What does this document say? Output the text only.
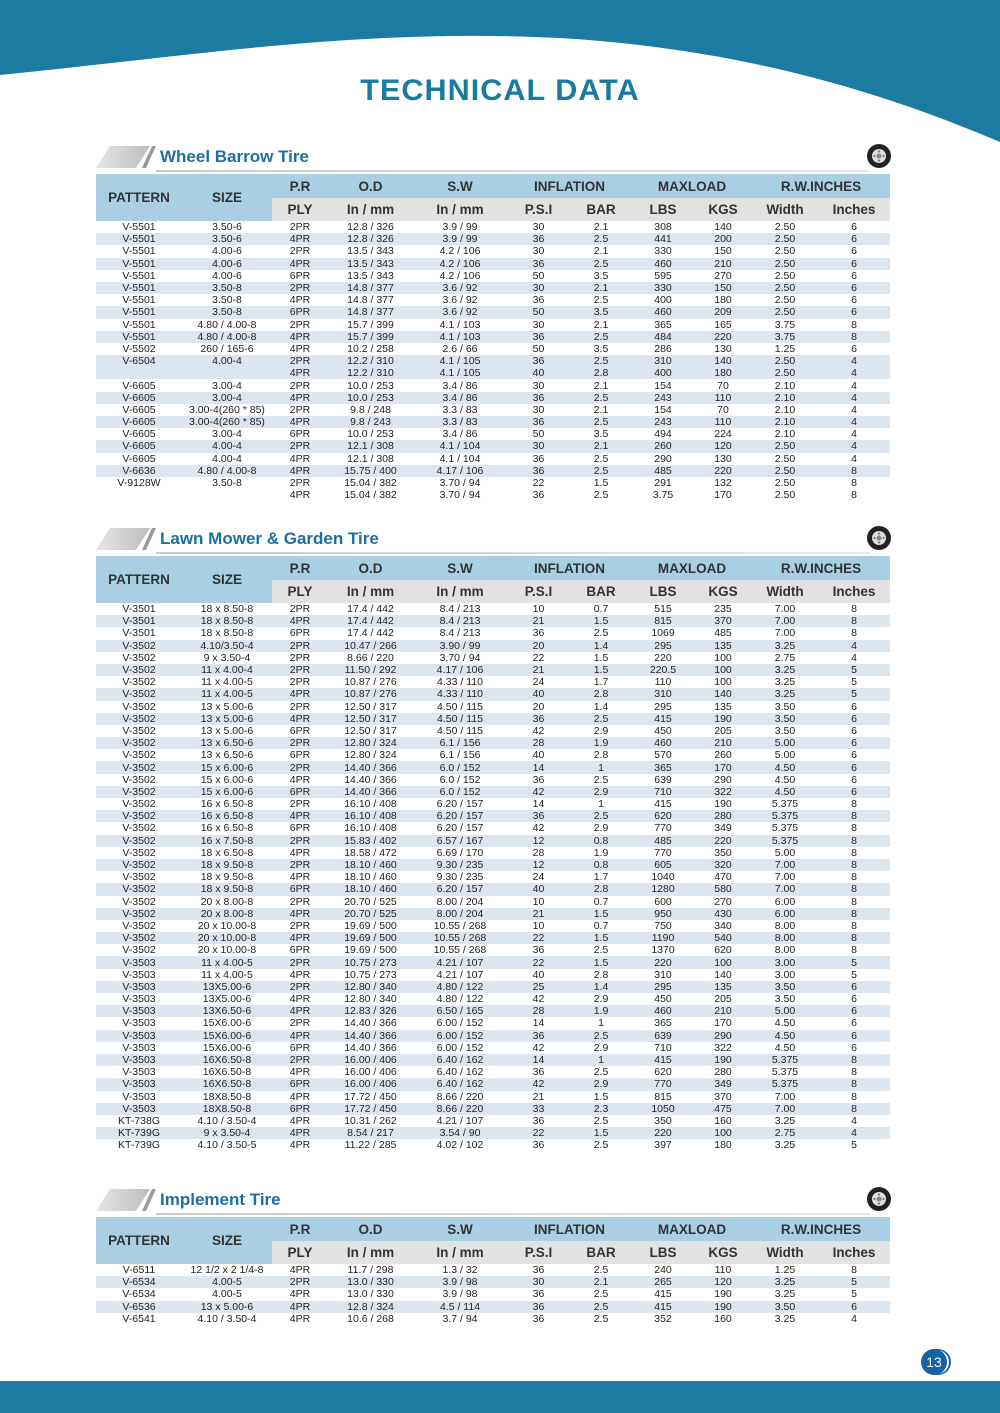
TECHNICAL DATA
Wheel Barrow Tire
PATTERN	SIZE	P.R	O.D	S.W	INFLATION		MAXLOAD		R.W.INCHES	
		PLY	In / mm	In / mm	P.S.I	BAR	LBS	KGS	Width	Inches
V-5501	3.50-6	2PR	12.8 / 326	3.9 / 99	30	2.1	308	140	2.50	6
V-5501	3.50-6	4PR	12.8 / 326	3.9 / 99	36	2.5	441	200	2.50	6
V-5501	4.00-6	2PR	13.5 / 343	4.2 / 106	30	2.1	330	150	2.50	6
V-5501	4.00-6	4PR	13.5 / 343	4.2 / 106	36	2.5	460	210	2.50	6
V-5501	4.00-6	6PR	13.5 / 343	4.2 / 106	50	3.5	595	270	2.50	6
V-5501	3.50-8	2PR	14.8 / 377	3.6 / 92	30	2.1	330	150	2.50	6
V-5501	3.50-8	4PR	14.8 / 377	3.6 / 92	36	2.5	400	180	2.50	6
V-5501	3.50-8	6PR	14.8 / 377	3.6 / 92	50	3.5	460	209	2.50	6
V-5501	4.80 / 4.00-8	2PR	15.7 / 399	4.1 / 103	30	2.1	365	165	3.75	8
V-5501	4.80 / 4.00-8	4PR	15.7 / 399	4.1 / 103	36	2.5	484	220	3.75	8
V-5502	260 / 165-6	4PR	10.2 / 258	2.6 / 66	50	3.5	286	130	1.25	6
V-6504	4.00-4	2PR	12.2 / 310	4.1 / 105	36	2.5	310	140	2.50	4
		4PR	12.2 / 310	4.1 / 105	40	2.8	400	180	2.50	4
V-6605	3.00-4	2PR	10.0 / 253	3.4 / 86	30	2.1	154	70	2.10	4
V-6605	3.00-4	4PR	10.0 / 253	3.4 / 86	36	2.5	243	110	2.10	4
V-6605	3.00-4(260 * 85)	2PR	9.8 / 248	3.3 / 83	30	2.1	154	70	2.10	4
V-6605	3.00-4(260 * 85)	4PR	9.8 / 243	3.3 / 83	36	2.5	243	110	2.10	4
V-6605	3.00-4	6PR	10.0 / 253	3.4 / 86	50	3.5	494	224	2.10	4
V-6605	4.00-4	2PR	12.1 / 308	4.1 / 104	30	2.1	260	120	2.50	4
V-6605	4.00-4	4PR	12.1 / 308	4.1 / 104	36	2.5	290	130	2.50	4
V-6636	4.80 / 4.00-8	4PR	15.75 / 400	4.17 / 106	36	2.5	485	220	2.50	8
V-9128W	3.50-8	2PR	15.04 / 382	3.70 / 94	22	1.5	291	132	2.50	8
		4PR	15.04 / 382	3.70 / 94	36	2.5	3.75	170	2.50	8
Lawn Mower & Garden Tire
PATTERN	SIZE	P.R	O.D	S.W	INFLATION		MAXLOAD		R.W.INCHES	
		PLY	In / mm	In / mm	P.S.I	BAR	LBS	KGS	Width	Inches
V-3501	18 x 8.50-8	2PR	17.4 / 442	8.4 / 213	10	0.7	515	235	7.00	8
V-3501	18 x 8.50-8	4PR	17.4 / 442	8.4 / 213	21	1.5	815	370	7.00	8
V-3501	18 x 8.50-8	6PR	17.4 / 442	8.4 / 213	36	2.5	1069	485	7.00	8
V-3502	4.10/3.50-4	2PR	10.47 / 266	3.90 / 99	20	1.4	295	135	3.25	4
V-3502	9 x 3.50-4	2PR	8.66 / 220	3.70 / 94	22	1.5	220	100	2.75	4
V-3502	11 x 4.00-4	2PR	11.50 / 292	4.17 / 106	21	1.5	220.5	100	3.25	5
V-3502	11 x 4.00-5	2PR	10.87 / 276	4.33 / 110	24	1.7	110	100	3.25	5
V-3502	11 x 4.00-5	4PR	10.87 / 276	4.33 / 110	40	2.8	310	140	3.25	5
V-3502	13 x 5.00-6	2PR	12.50 / 317	4.50 / 115	20	1.4	295	135	3.50	6
V-3502	13 x 5.00-6	4PR	12.50 / 317	4.50 / 115	36	2.5	415	190	3.50	6
V-3502	13 x 5.00-6	6PR	12.50 / 317	4.50 / 115	42	2.9	450	205	3.50	6
V-3502	13 x 6.50-6	2PR	12.80 / 324	6.1 / 156	28	1.9	460	210	5.00	6
V-3502	13 x 6.50-6	6PR	12.80 / 324	6.1 / 156	40	2.8	570	260	5.00	6
V-3502	15 x 6.00-6	2PR	14.40 / 366	6.0 / 152	14	1	365	170	4.50	6
V-3502	15 x 6.00-6	4PR	14.40 / 366	6.0 / 152	36	2.5	639	290	4.50	6
V-3502	15 x 6.00-6	6PR	14.40 / 366	6.0 / 152	42	2.9	710	322	4.50	6
V-3502	16 x 6.50-8	2PR	16.10 / 408	6.20 / 157	14	1	415	190	5.375	8
V-3502	16 x 6.50-8	4PR	16.10 / 408	6.20 / 157	36	2.5	620	280	5.375	8
V-3502	16 x 6.50-8	6PR	16.10 / 408	6.20 / 157	42	2.9	770	349	5.375	8
V-3502	16 x 7.50-8	2PR	15.83 / 402	6.57 / 167	12	0.8	485	220	5.375	8
V-3502	18 x 6.50-8	4PR	18.58 / 472	6.69 / 170	28	1.9	770	350	5.00	8
V-3502	18 x 9.50-8	2PR	18.10 / 460	9.30 / 235	12	0.8	605	320	7.00	8
V-3502	18 x 9.50-8	4PR	18.10 / 460	9.30 / 235	24	1.7	1040	470	7.00	8
V-3502	18 x 9.50-8	6PR	18.10 / 460	6.20 / 157	40	2.8	1280	580	7.00	8
V-3502	20 x 8.00-8	2PR	20.70 / 525	8.00 / 204	10	0.7	600	270	6.00	8
V-3502	20 x 8.00-8	4PR	20.70 / 525	8.00 / 204	21	1.5	950	430	6.00	8
V-3502	20 x 10.00-8	2PR	19.69 / 500	10.55 / 268	10	0.7	750	340	8.00	8
V-3502	20 x 10.00-8	4PR	19.69 / 500	10.55 / 268	22	1.5	1190	540	8.00	8
V-3502	20 x 10.00-8	6PR	19.69 / 500	10.55 / 268	36	2.5	1370	620	8.00	8
V-3503	11 x 4.00-5	2PR	10.75 / 273	4.21 / 107	22	1.5	220	100	3.00	5
V-3503	11 x 4.00-5	4PR	10.75 / 273	4.21 / 107	40	2.8	310	140	3.00	5
V-3503	13X5.00-6	2PR	12.80 / 340	4.80 / 122	25	1.4	295	135	3.50	6
V-3503	13X5.00-6	4PR	12.80 / 340	4.80 / 122	42	2.9	450	205	3.50	6
V-3503	13X6.50-6	4PR	12.83 / 326	6.50 / 165	28	1.9	460	210	5.00	6
V-3503	15X6.00-6	2PR	14.40 / 366	6.00 / 152	14	1	365	170	4.50	6
V-3503	15X6.00-6	4PR	14.40 / 366	6.00 / 152	36	2.5	639	290	4.50	6
V-3503	15X6.00-6	6PR	14.40 / 366	6.00 / 152	42	2.9	710	322	4.50	6
V-3503	16X6.50-8	2PR	16.00 / 406	6.40 / 162	14	1	415	190	5.375	8
V-3503	16X6.50-8	4PR	16.00 / 406	6.40 / 162	36	2.5	620	280	5.375	8
V-3503	16X6.50-8	6PR	16.00 / 406	6.40 / 162	42	2.9	770	349	5.375	8
V-3503	18X8.50-8	4PR	17.72 / 450	8.66 / 220	21	1.5	815	370	7.00	8
V-3503	18X8.50-8	6PR	17.72 / 450	8.66 / 220	33	2.3	1050	475	7.00	8
KT-738G	4.10 / 3.50-4	4PR	10.31 / 262	4.21 / 107	36	2.5	350	160	3.25	4
KT-739G	9 x 3.50-4	4PR	8.54 / 217	3.54 / 90	22	1.5	220	100	2.75	4
KT-739G	4.10 / 3.50-5	4PR	11.22 / 285	4.02 / 102	36	2.5	397	180	3.25	5
Implement Tire
PATTERN	SIZE	P.R	O.D	S.W	INFLATION		MAXLOAD		R.W.INCHES	
		PLY	In / mm	In / mm	P.S.I	BAR	LBS	KGS	Width	Inches
V-6511	12 1/2 x 2 1/4-8	4PR	11.7 / 298	1.3 / 32	36	2.5	240	110	1.25	8
V-6534	4.00-5	2PR	13.0 / 330	3.9 / 98	30	2.1	265	120	3.25	5
V-6534	4.00-5	4PR	13.0 / 330	3.9 / 98	36	2.5	415	190	3.25	5
V-6536	13 x 5.00-6	4PR	12.8 / 324	4.5 / 114	36	2.5	415	190	3.50	6
V-6541	4.10 / 3.50-4	4PR	10.6 / 268	3.7 / 94	36	2.5	352	160	3.25	4
13
